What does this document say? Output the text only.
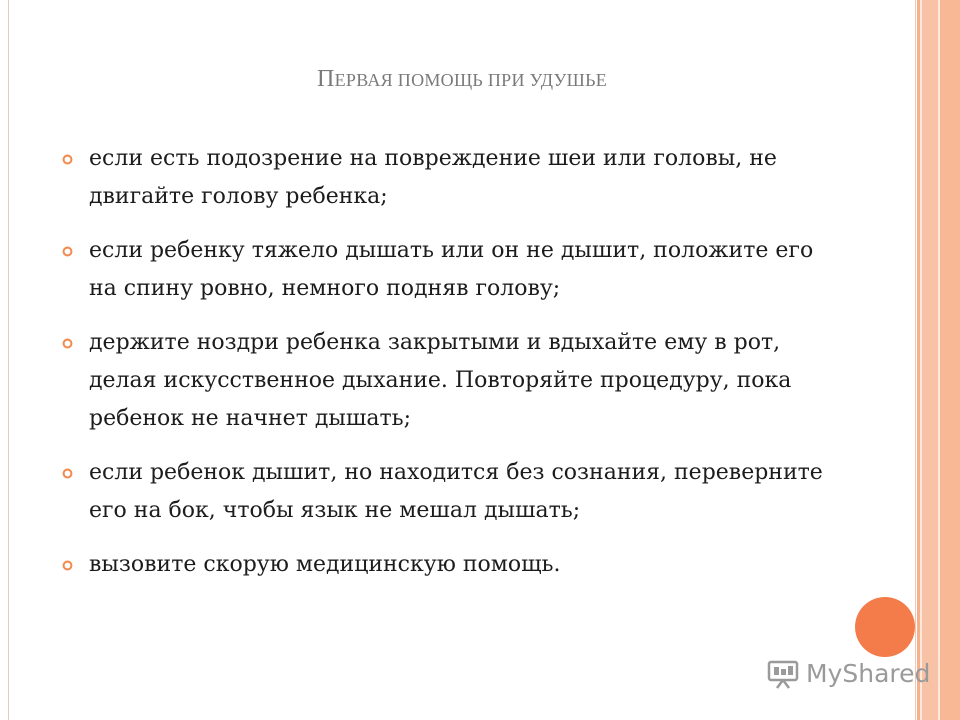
ПЕРВАЯ ПОМОЩЬ ПРИ УДУШЬЕ
если есть подозрение на повреждение шеи или головы, не двигайте голову ребенка;
если ребенку тяжело дышать или он не дышит, положите его на спину ровно, немного подняв голову;
держите ноздри ребенка закрытыми и вдыхайте ему в рот, делая искусственное дыхание. Повторяйте процедуру, пока ребенок не начнет дышать;
если ребенок дышит, но находится без сознания, переверните его на бок, чтобы язык не мешал дышать;
вызовите скорую медицинскую помощь.
MyShared
